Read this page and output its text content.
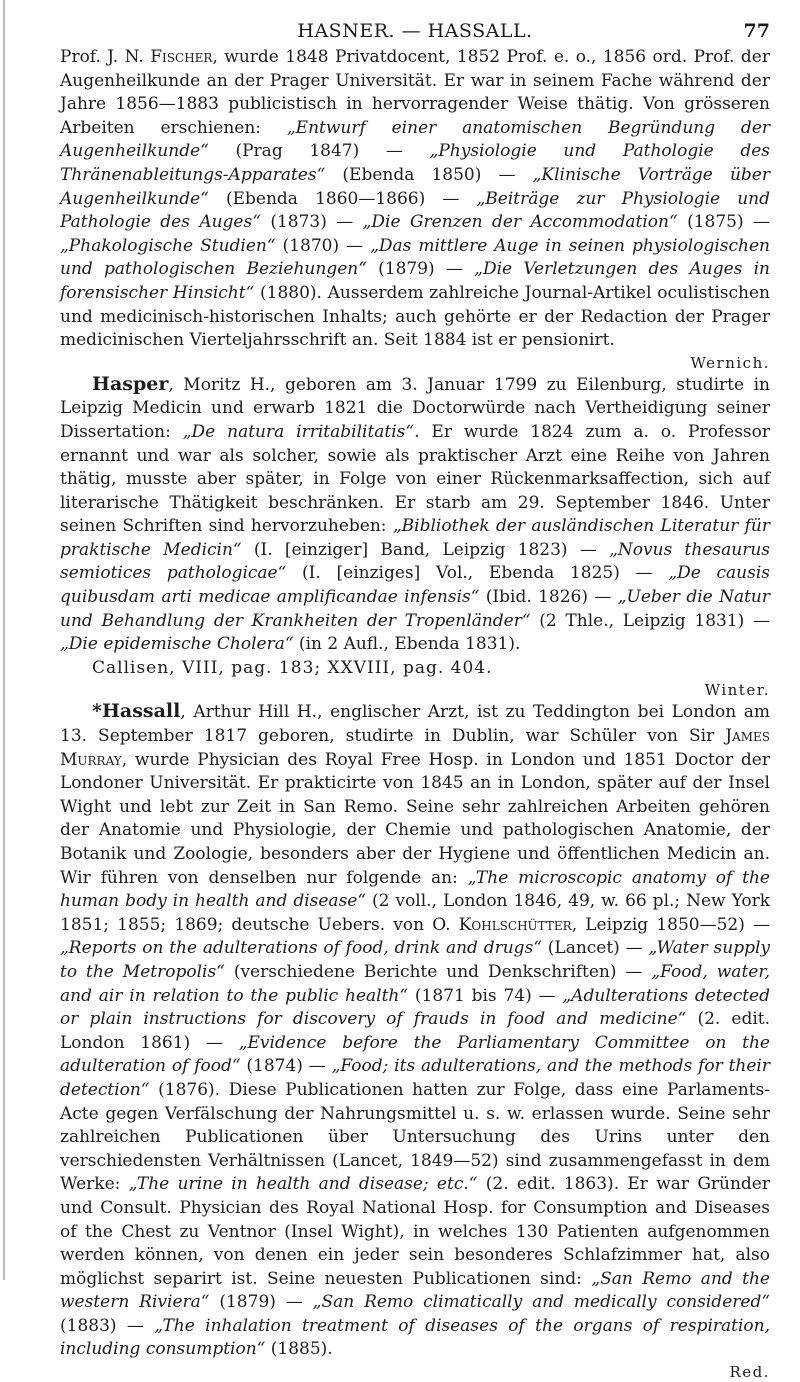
HASNER. — HASSALL.	77

Prof. J. N. Fischer, wurde 1848 Privatdocent, 1852 Prof. e. o., 1856 ord. Prof. der Augenheilkunde an der Prager Universität. Er war in seinem Fache während der Jahre 1856—1883 publicistisch in hervorragender Weise thätig. Von grösseren Arbeiten erschienen: „Entwurf einer anatomischen Begründung der Augenheilkunde“ (Prag 1847) — „Physiologie und Pathologie des Thränenableitungs-Apparates“ (Ebenda 1850) — „Klinische Vorträge über Augenheilkunde“ (Ebenda 1860—1866) — „Beiträge zur Physiologie und Pathologie des Auges“ (1873) — „Die Grenzen der Accommodation“ (1875) — „Phakologische Studien“ (1870) — „Das mittlere Auge in seinen physiologischen und pathologischen Beziehungen“ (1879) — „Die Verletzungen des Auges in forensischer Hinsicht“ (1880). Ausserdem zahlreiche Journal-Artikel oculistischen und medicinisch-historischen Inhalts; auch gehörte er der Redaction der Prager medicinischen Vierteljahrsschrift an. Seit 1884 ist er pensionirt.

Wernich.

Hasper, Moritz H., geboren am 3. Januar 1799 zu Eilenburg, studirte in Leipzig Medicin und erwarb 1821 die Doctorwürde nach Vertheidigung seiner Dissertation: „De natura irritabilitatis“. Er wurde 1824 zum a. o. Professor ernannt und war als solcher, sowie als praktischer Arzt eine Reihe von Jahren thätig, musste aber später, in Folge von einer Rückenmarksaffection, sich auf literarische Thätigkeit beschränken. Er starb am 29. September 1846. Unter seinen Schriften sind hervorzuheben: „Bibliothek der ausländischen Literatur für praktische Medicin“ (I. [einziger] Band, Leipzig 1823) — „Novus thesaurus semiotices pathologicae“ (I. [einziges] Vol., Ebenda 1825) — „De causis quibusdam arti medicae amplificandae infensis“ (Ibid. 1826) — „Ueber die Natur und Behandlung der Krankheiten der Tropenländer“ (2 Thle., Leipzig 1831) — „Die epidemische Cholera“ (in 2 Aufl., Ebenda 1831).

Callisen, VIII, pag. 183; XXVIII, pag. 404.

Winter.

*Hassall, Arthur Hill H., englischer Arzt, ist zu Teddington bei London am 13. September 1817 geboren, studirte in Dublin, war Schüler von Sir James Murray, wurde Physician des Royal Free Hosp. in London und 1851 Doctor der Londoner Universität. Er prakticirte von 1845 an in London, später auf der Insel Wight und lebt zur Zeit in San Remo. Seine sehr zahlreichen Arbeiten gehören der Anatomie und Physiologie, der Chemie und pathologischen Anatomie, der Botanik und Zoologie, besonders aber der Hygiene und öffentlichen Medicin an. Wir führen von denselben nur folgende an: „The microscopic anatomy of the human body in health and disease“ (2 voll., London 1846, 49, w. 66 pl.; New York 1851; 1855; 1869; deutsche Uebers. von O. Kohlschütter, Leipzig 1850—52) — „Reports on the adulterations of food, drink and drugs“ (Lancet) — „Water supply to the Metropolis“ (verschiedene Berichte und Denkschriften) — „Food, water, and air in relation to the public health“ (1871 bis 74) — „Adulterations detected or plain instructions for discovery of frauds in food and medicine“ (2. edit. London 1861) — „Evidence before the Parliamentary Committee on the adulteration of food“ (1874) — „Food; its adulterations, and the methods for their detection“ (1876). Diese Publicationen hatten zur Folge, dass eine Parlaments-Acte gegen Verfälschung der Nahrungsmittel u. s. w. erlassen wurde. Seine sehr zahlreichen Publicationen über Untersuchung des Urins unter den verschiedensten Verhältnissen (Lancet, 1849—52) sind zusammengefasst in dem Werke: „The urine in health and disease; etc.“ (2. edit. 1863). Er war Gründer und Consult. Physician des Royal National Hosp. for Consumption and Diseases of the Chest zu Ventnor (Insel Wight), in welches 130 Patienten aufgenommen werden können, von denen ein jeder sein besonderes Schlafzimmer hat, also möglichst separirt ist. Seine neuesten Publicationen sind: „San Remo and the western Riviera“ (1879) — „San Remo climatically and medically considered“ (1883) — „The inhalation treatment of diseases of the organs of respiration, including consumption“ (1885).

Red.
